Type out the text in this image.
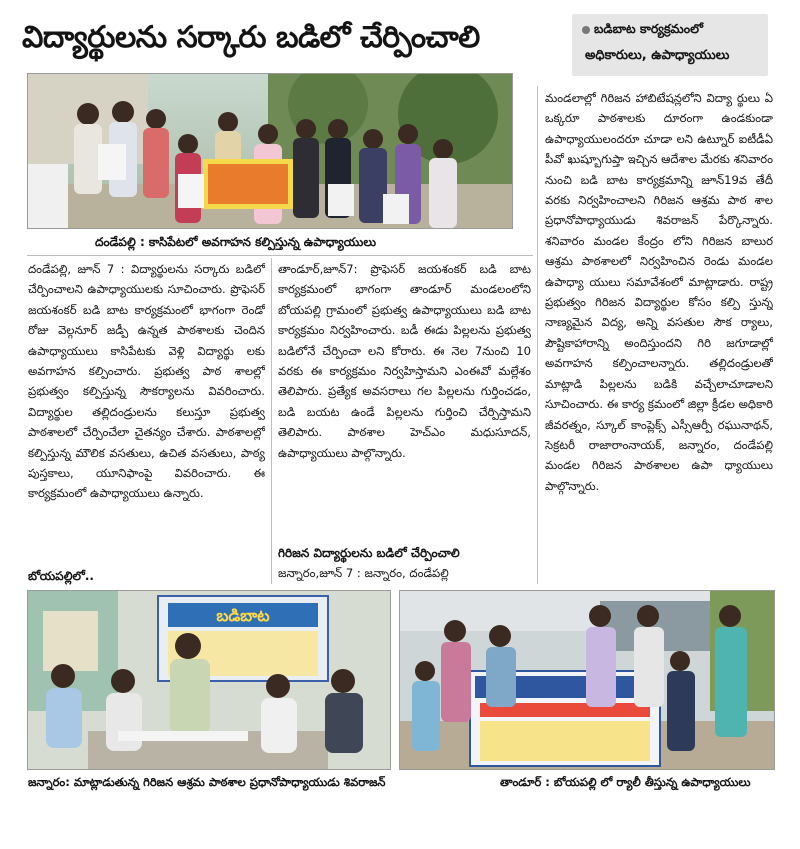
విద్యార్థులను సర్కారు బడిలో చేర్పించాలి	బడిబాట కార్యక్రమంలో
అధికారులు, ఉపాధ్యాయులు
దండేపల్లి : కాసిపేటలో అవగాహన కల్పిస్తున్న ఉపాధ్యాయులు

దండేపల్లి, జూన్ 7 : విద్యార్థులను సర్కారు బడిలో చేర్పించాలని ఉపాధ్యాయులకు సూచించారు. ప్రొఫెసర్ జయశంకర్ బడి బాట కార్యక్రమంలో భాగంగా రెండో రోజు వెల్గనూర్ జడ్పీ ఉన్నత పాఠశాలకు చెందిన ఉపాధ్యాయులు కాసిపేటకు వెళ్లి విద్యార్థు లకు అవగాహన కల్పించారు. ప్రభుత్వ పాఠ శాలల్లో ప్రభుత్వం కల్పిస్తున్న సౌకర్యాలను వివరించారు. విద్యార్థుల తల్లిదండ్రులను కలుస్తూ ప్రభుత్వ పాఠశాలలో చేర్పించేలా చైతన్యం చేశారు. పాఠశాలల్లో కల్పిస్తున్న మౌలిక వసతులు, ఉచిత వసతులు, పాఠ్య పుస్తకాలు, యూనిఫాంపై వివరించారు. ఈ కార్యక్రమంలో ఉపాధ్యాయులు ఉన్నారు.

బోయపల్లిలో..

తాండూర్,జూన్7: ప్రొఫెసర్ జయశంకర్ బడి బాట కార్యక్రమంలో భాగంగా తాండూర్ మండలంలోని బోయపల్లి గ్రామంలో ప్రభుత్వ ఉపాధ్యాయులు బడి బాట కార్యక్రమం నిర్వహించారు. బడీ ఈడు పిల్లలను ప్రభుత్వ బడిలోనే చేర్పించా లని కోరారు. ఈ నెల 7నుంచి 10 వరకు ఈ కార్యక్రమం నిర్వహిస్తామని ఎంఈవో మల్లేశం తెలిపారు. ప్రత్యేక అవసరాలు గల పిల్లలను గుర్తించడం, బడి బయట ఉండే పిల్లలను గుర్తించి చేర్పిస్తామని తెలిపారు. పాఠశాల హెచ్ఎం మధుసూదన్, ఉపాధ్యాయులు పాల్గొన్నారు.

గిరిజన విద్యార్థులను బడిలో చేర్పించాలి

జన్నారం,జూన్ 7 : జన్నారం, దండేపల్లి

మండలాల్లో గిరిజన హాబిటేషన్లలోని విద్యా ర్థులు ఏ ఒక్కరూ పాఠశాలకు దూరంగా ఉండకుండా ఉపాధ్యాయులందరూ చూడా లని ఉట్నూర్ ఐటీడీఏ పీవో ఖుష్బూగుప్తా ఇచ్చిన ఆదేశాల మేరకు శనివారం నుంచి బడి బాట కార్యక్రమాన్ని జూన్19వ తేదీ వరకు నిర్వహించాలని గిరిజన ఆశ్రమ పాఠ శాల ప్రధానోపాధ్యాయుడు శివరాజన్ పేర్కొన్నారు. శనివారం మండల కేంద్రం లోని గిరిజన బాలుర ఆశ్రమ పాఠశాలలో నిర్వహించిన రెండు మండల ఉపాధ్యా యులు సమావేశంలో మాట్లాడారు. రాష్ట్ర ప్రభుత్వం గిరిజన విద్యార్థుల కోసం కల్పి స్తున్న నాణ్యమైన విద్య, అన్ని వసతుల సౌక ర్యాలు, పౌష్టికాహారాన్ని అందిస్తుందని గిరి జగూడాల్లో అవగాహన కల్పించాలన్నారు. తల్లిదండ్రులతో మాట్లాడి పిల్లలను బడికి వచ్చేలాచూడాలని సూచించారు. ఈ కార్య క్రమంలో జిల్లా క్రీడల అధికారి జీవరత్నం, స్కూల్ కాంప్లెక్స్ ఎస్సీఆర్పీ రఘునాథన్, సెక్రటరీ రాజారాంనాయక్, జన్నారం, దండేపల్లి మండల గిరిజన పాఠశాలల ఉపా ధ్యాయులు పాల్గొన్నారు.

బడిబాట
జన్నారం: మాట్లాడుతున్న గిరిజన ఆశ్రమ పాఠశాల ప్రధానోపాధ్యాయుడు శివరాజన్	తాండూర్ : బోయపల్లి లో ర్యాలీ తీస్తున్న ఉపాధ్యాయులు
